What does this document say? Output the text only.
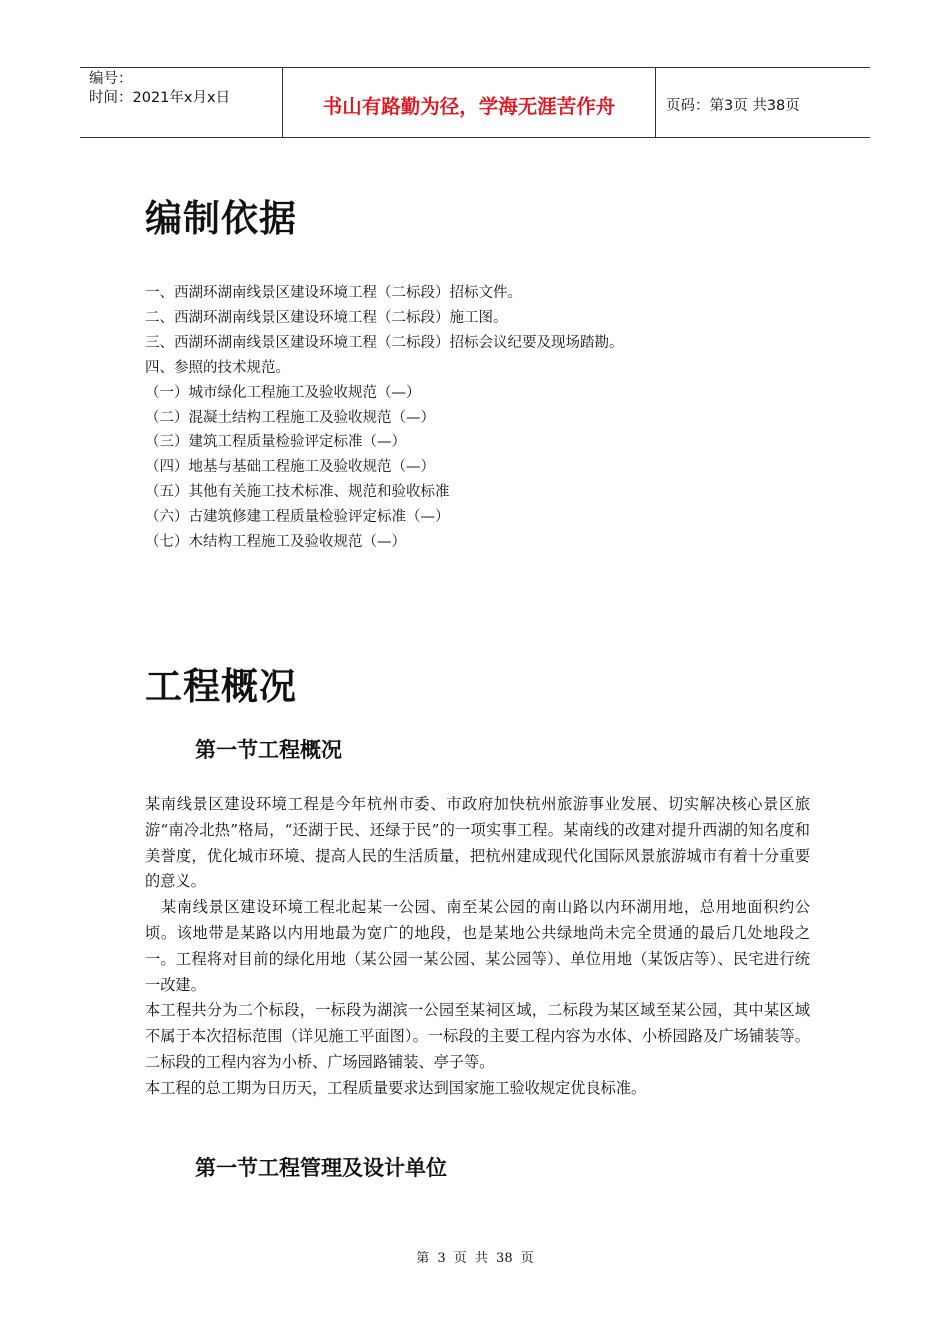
编号：
时间：2021年x月x日	书山有路勤为径，学海无涯苦作舟	页码：第3页 共38页
编制依据
一、西湖环湖南线景区建设环境工程（二标段）招标文件。
二、西湖环湖南线景区建设环境工程（二标段）施工图。
三、西湖环湖南线景区建设环境工程（二标段）招标会议纪要及现场踏勘。
四、参照的技术规范。
（一）城市绿化工程施工及验收规范（—）
（二）混凝土结构工程施工及验收规范（—）
（三）建筑工程质量检验评定标准（—）
（四）地基与基础工程施工及验收规范（—）
（五）其他有关施工技术标准、规范和验收标准
（六）古建筑修建工程质量检验评定标准（—）
（七）木结构工程施工及验收规范（—）
工程概况
第一节工程概况

某南线景区建设环境工程是今年杭州市委、市政府加快杭州旅游事业发展、切实解决核心景区旅游“南冷北热”格局，“还湖于民、还绿于民”的一项实事工程。某南线的改建对提升西湖的知名度和美誉度，优化城市环境、提高人民的生活质量，把杭州建成现代化国际风景旅游城市有着十分重要的意义。

某南线景区建设环境工程北起某一公园、南至某公园的南山路以内环湖用地，总用地面积约公顷。该地带是某路以内用地最为宽广的地段，也是某地公共绿地尚未完全贯通的最后几处地段之一。工程将对目前的绿化用地（某公园一某公园、某公园等）、单位用地（某饭店等）、民宅进行统一改建。

本工程共分为二个标段，一标段为湖滨一公园至某祠区域，二标段为某区域至某公园，其中某区域不属于本次招标范围（详见施工平面图）。一标段的主要工程内容为水体、小桥园路及广场铺装等。二标段的工程内容为小桥、广场园路铺装、亭子等。

本工程的总工期为日历天，工程质量要求达到国家施工验收规定优良标准。

第一节工程管理及设计单位
第 3 页 共 38 页
